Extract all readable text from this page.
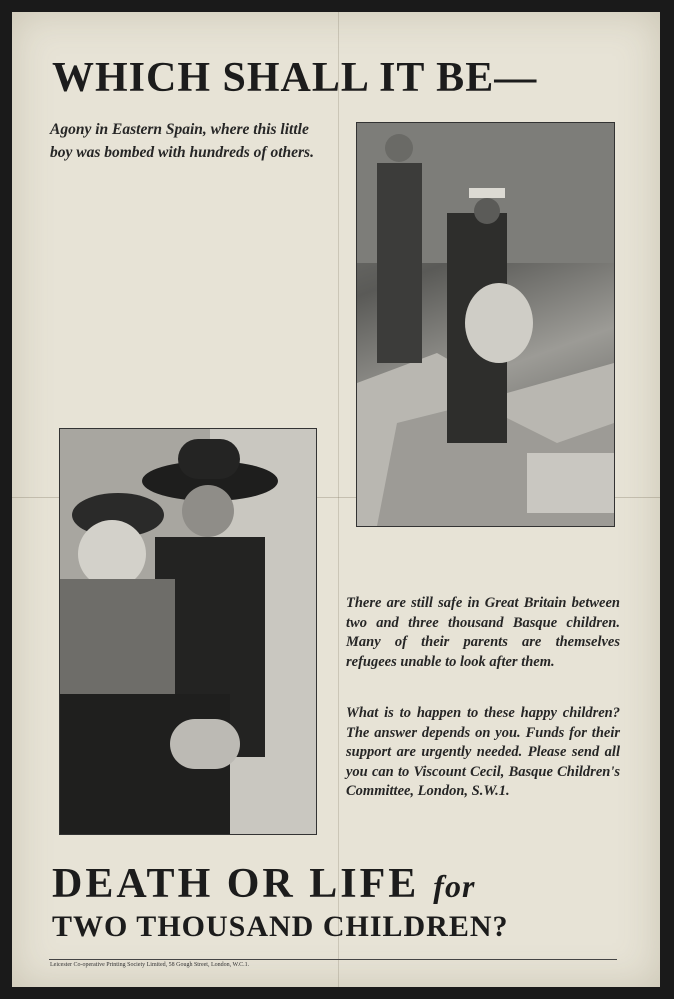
WHICH SHALL IT BE—
Agony in Eastern Spain, where this little boy was bombed with hundreds of others.
There are still safe in Great Britain between two and three thousand Basque children. Many of their parents are themselves refugees unable to look after them.
What is to happen to these happy children? The answer depends on you. Funds for their support are urgently needed. Please send all you can to Viscount Cecil, Basque Children's Committee, London, S.W.1.
DEATH OR LIFE for
TWO THOUSAND CHILDREN?
Leicester Co-operative Printing Society Limited, 58 Gough Street, London, W.C.1.
